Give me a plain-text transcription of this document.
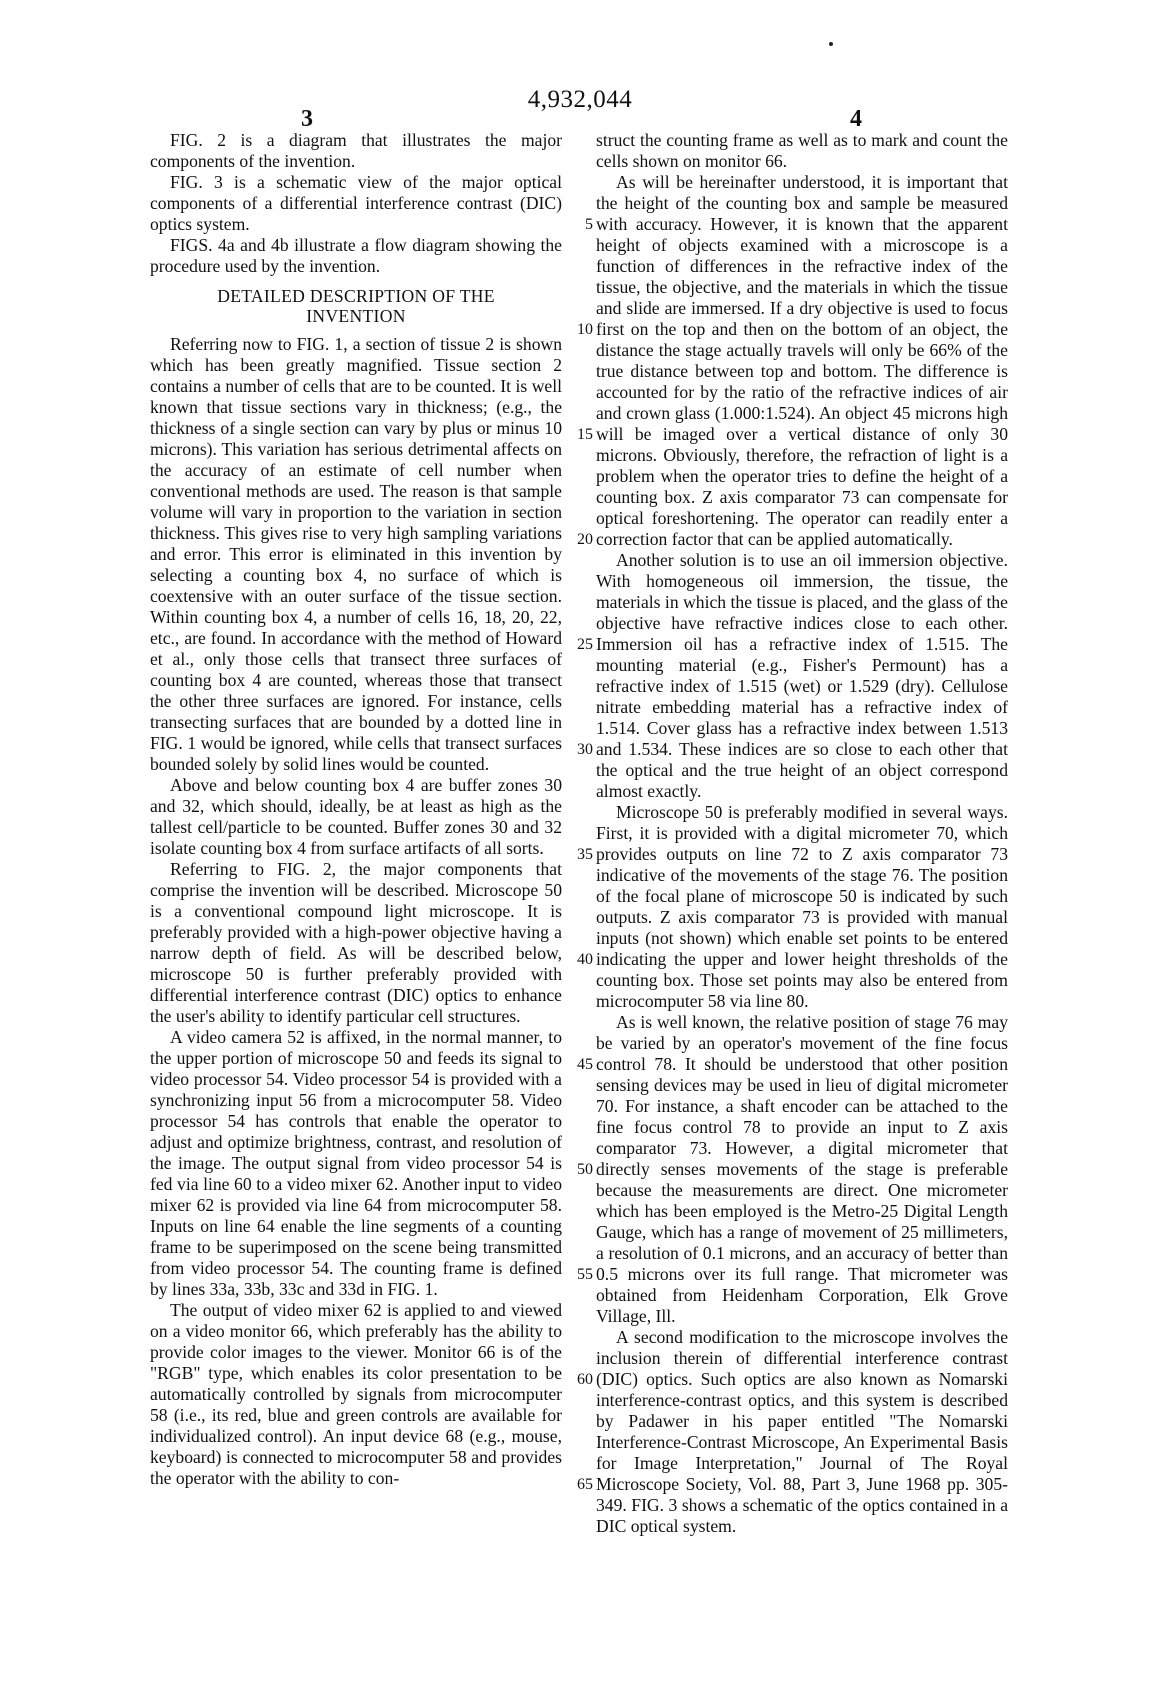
4,932,044
3	4

FIG. 2 is a diagram that illustrates the major components of the invention.

FIG. 3 is a schematic view of the major optical components of a differential interference contrast (DIC) optics system.

FIGS. 4a and 4b illustrate a flow diagram showing the procedure used by the invention.

DETAILED DESCRIPTION OF THE INVENTION

Referring now to FIG. 1, a section of tissue 2 is shown which has been greatly magnified. Tissue section 2 contains a number of cells that are to be counted. It is well known that tissue sections vary in thickness; (e.g., the thickness of a single section can vary by plus or minus 10 microns). This variation has serious detrimental affects on the accuracy of an estimate of cell number when conventional methods are used. The reason is that sample volume will vary in proportion to the variation in section thickness. This gives rise to very high sampling variations and error. This error is eliminated in this invention by selecting a counting box 4, no surface of which is coextensive with an outer surface of the tissue section. Within counting box 4, a number of cells 16, 18, 20, 22, etc., are found. In accordance with the method of Howard et al., only those cells that transect three surfaces of counting box 4 are counted, whereas those that transect the other three surfaces are ignored. For instance, cells transecting surfaces that are bounded by a dotted line in FIG. 1 would be ignored, while cells that transect surfaces bounded solely by solid lines would be counted.

Above and below counting box 4 are buffer zones 30 and 32, which should, ideally, be at least as high as the tallest cell/particle to be counted. Buffer zones 30 and 32 isolate counting box 4 from surface artifacts of all sorts.

Referring to FIG. 2, the major components that comprise the invention will be described. Microscope 50 is a conventional compound light microscope. It is preferably provided with a high-power objective having a narrow depth of field. As will be described below, microscope 50 is further preferably provided with differential interference contrast (DIC) optics to enhance the user's ability to identify particular cell structures.

A video camera 52 is affixed, in the normal manner, to the upper portion of microscope 50 and feeds its signal to video processor 54. Video processor 54 is provided with a synchronizing input 56 from a microcomputer 58. Video processor 54 has controls that enable the operator to adjust and optimize brightness, contrast, and resolution of the image. The output signal from video processor 54 is fed via line 60 to a video mixer 62. Another input to video mixer 62 is provided via line 64 from microcomputer 58. Inputs on line 64 enable the line segments of a counting frame to be superimposed on the scene being transmitted from video processor 54. The counting frame is defined by lines 33a, 33b, 33c and 33d in FIG. 1.

The output of video mixer 62 is applied to and viewed on a video monitor 66, which preferably has the ability to provide color images to the viewer. Monitor 66 is of the "RGB" type, which enables its color presentation to be automatically controlled by signals from microcomputer 58 (i.e., its red, blue and green controls are available for individualized control). An input device 68 (e.g., mouse, keyboard) is connected to microcomputer 58 and provides the operator with the ability to con-

5
10
15
20
25
30
35
40
45
50
55
60
65

struct the counting frame as well as to mark and count the cells shown on monitor 66.

As will be hereinafter understood, it is important that the height of the counting box and sample be measured with accuracy. However, it is known that the apparent height of objects examined with a microscope is a function of differences in the refractive index of the tissue, the objective, and the materials in which the tissue and slide are immersed. If a dry objective is used to focus first on the top and then on the bottom of an object, the distance the stage actually travels will only be 66% of the true distance between top and bottom. The difference is accounted for by the ratio of the refractive indices of air and crown glass (1.000:1.524). An object 45 microns high will be imaged over a vertical distance of only 30 microns. Obviously, therefore, the refraction of light is a problem when the operator tries to define the height of a counting box. Z axis comparator 73 can compensate for optical foreshortening. The operator can readily enter a correction factor that can be applied automatically.

Another solution is to use an oil immersion objective. With homogeneous oil immersion, the tissue, the materials in which the tissue is placed, and the glass of the objective have refractive indices close to each other. Immersion oil has a refractive index of 1.515. The mounting material (e.g., Fisher's Permount) has a refractive index of 1.515 (wet) or 1.529 (dry). Cellulose nitrate embedding material has a refractive index of 1.514. Cover glass has a refractive index between 1.513 and 1.534. These indices are so close to each other that the optical and the true height of an object correspond almost exactly.

Microscope 50 is preferably modified in several ways. First, it is provided with a digital micrometer 70, which provides outputs on line 72 to Z axis comparator 73 indicative of the movements of the stage 76. The position of the focal plane of microscope 50 is indicated by such outputs. Z axis comparator 73 is provided with manual inputs (not shown) which enable set points to be entered indicating the upper and lower height thresholds of the counting box. Those set points may also be entered from microcomputer 58 via line 80.

As is well known, the relative position of stage 76 may be varied by an operator's movement of the fine focus control 78. It should be understood that other position sensing devices may be used in lieu of digital micrometer 70. For instance, a shaft encoder can be attached to the fine focus control 78 to provide an input to Z axis comparator 73. However, a digital micrometer that directly senses movements of the stage is preferable because the measurements are direct. One micrometer which has been employed is the Metro-25 Digital Length Gauge, which has a range of movement of 25 millimeters, a resolution of 0.1 microns, and an accuracy of better than 0.5 microns over its full range. That micrometer was obtained from Heidenham Corporation, Elk Grove Village, Ill.

A second modification to the microscope involves the inclusion therein of differential interference contrast (DIC) optics. Such optics are also known as Nomarski interference-contrast optics, and this system is described by Padawer in his paper entitled "The Nomarski Interference-Contrast Microscope, An Experimental Basis for Image Interpretation," Journal of The Royal Microscope Society, Vol. 88, Part 3, June 1968 pp. 305-349. FIG. 3 shows a schematic of the optics contained in a DIC optical system.
